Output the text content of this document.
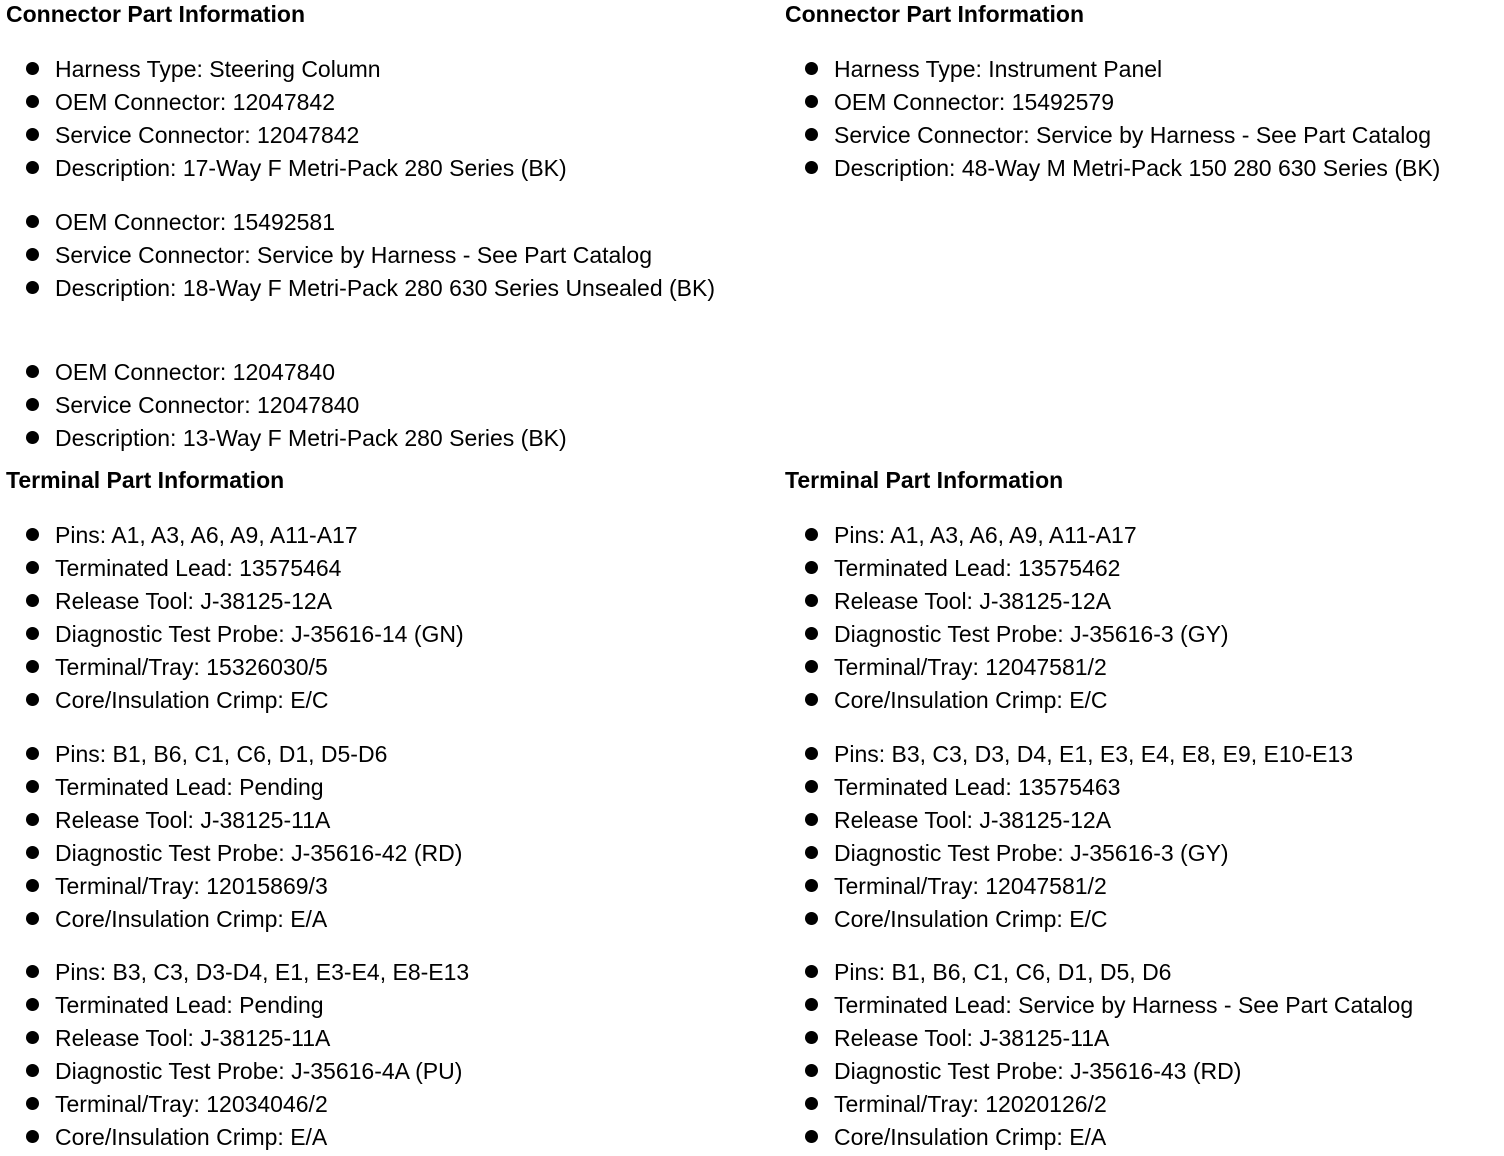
Connector Part Information
Harness Type: Steering Column
OEM Connector: 12047842
Service Connector: 12047842
Description: 17-Way F Metri-Pack 280 Series (BK)
OEM Connector: 15492581
Service Connector: Service by Harness - See Part Catalog
Description: 18-Way F Metri-Pack 280 630 Series Unsealed (BK)
OEM Connector: 12047840
Service Connector: 12047840
Description: 13-Way F Metri-Pack 280 Series (BK)
Terminal Part Information
Pins: A1, A3, A6, A9, A11-A17
Terminated Lead: 13575464
Release Tool: J-38125-12A
Diagnostic Test Probe: J-35616-14 (GN)
Terminal/Tray: 15326030/5
Core/Insulation Crimp: E/C
Pins: B1, B6, C1, C6, D1, D5-D6
Terminated Lead: Pending
Release Tool: J-38125-11A
Diagnostic Test Probe: J-35616-42 (RD)
Terminal/Tray: 12015869/3
Core/Insulation Crimp: E/A
Pins: B3, C3, D3-D4, E1, E3-E4, E8-E13
Terminated Lead: Pending
Release Tool: J-38125-11A
Diagnostic Test Probe: J-35616-4A (PU)
Terminal/Tray: 12034046/2
Core/Insulation Crimp: E/A
Connector Part Information
Harness Type: Instrument Panel
OEM Connector: 15492579
Service Connector: Service by Harness - See Part Catalog
Description: 48-Way M Metri-Pack 150 280 630 Series (BK)
Terminal Part Information
Pins: A1, A3, A6, A9, A11-A17
Terminated Lead: 13575462
Release Tool: J-38125-12A
Diagnostic Test Probe: J-35616-3 (GY)
Terminal/Tray: 12047581/2
Core/Insulation Crimp: E/C
Pins: B3, C3, D3, D4, E1, E3, E4, E8, E9, E10-E13
Terminated Lead: 13575463
Release Tool: J-38125-12A
Diagnostic Test Probe: J-35616-3 (GY)
Terminal/Tray: 12047581/2
Core/Insulation Crimp: E/C
Pins: B1, B6, C1, C6, D1, D5, D6
Terminated Lead: Service by Harness - See Part Catalog
Release Tool: J-38125-11A
Diagnostic Test Probe: J-35616-43 (RD)
Terminal/Tray: 12020126/2
Core/Insulation Crimp: E/A
